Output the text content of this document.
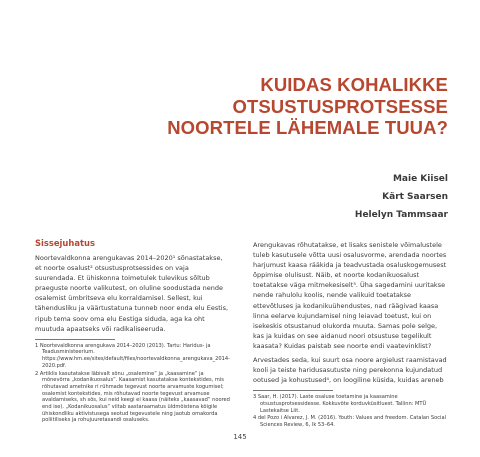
KUIDAS KOHALIKKE
OTSUSTUSPROTSESSE
NOORTELE LÄHEMALE TUUA?
Maie Kiisel
Kärt Saarsen
Helelyn Tammsaar
Sissejuhatus

Noortevaldkonna arengukavas 2014–2020¹ sõnastatakse, et noorte osalust² otsustusprotsessides on vaja suurendada. Et ühiskonna toimetulek tulevikus sõltub praeguste noorte valikutest, on oluline soodustada nende osalemist ümbritseva elu korraldamisel. Sellest, kui tähendusliku ja väärtustatuna tunneb noor enda elu Eestis, ripub tema soov oma elu Eestiga siduda, aga ka oht muutuda apaatseks või radikaliseeruda.

1 Noortevaldkonna arengukava 2014–2020 (2013). Tartu: Haridus- ja Teadusministeerium. https://www.hm.ee/sites/default/files/noortevaldkonna_arengukava_2014-2020.pdf.

2 Artiklis kasutatakse läbivalt sõnu „osalemine“ ja „kaasamine“ ja mõnevõrra „kodanikuosalus“. Kaasamist kasutatakse kontekstides, mis rõhutavad ametnike ri rühmade tegevust noorte arvamuste kogumisel; osalemist kontekstides, mis rõhutavad noorte tegevust arvamuse avaldamiseks, sh sõs, kui neid keegi ei kaasa (näiteks „kaasavad“ noored end ise). „Kodanikuosalus“ viitab aastaraamatus üldmõistena kõigile ühiskondliku aktivistusega seotud tegevustele ning jaotub omakorda poliitiliseks ja rohujuuretasandi osaluseks.

Arengukavas rõhutatakse, et lisaks senistele võimalustele tuleb kasutusele võtta uusi osalusvorme, arendada noortes harjumust kaasa rääkida ja teadvustada osaluskogemusest õppimise olulisust. Näib, et noorte kodanikuosalust toetatakse väga mitmekesiselt³. Üha sagedamini uuritakse nende rahulolu koolis, nende valikuid toetatakse ettevõtluses ja kodanikuühendustes, nad räägivad kaasa linna eelarve kujundamisel ning leiavad toetust, kui on isekeskis otsustanud olukorda muuta. Samas pole selge, kas ja kuidas on see aidanud noori otsustuse tegelikult kaasata? Kuidas paistab see noorte endi vaatevinklist?

Arvestades seda, kui suurt osa noore argielust raamistavad kooli ja teiste haridusasutuste ning perekonna kujundatud ootused ja kohustused⁴, on loogiline küsida, kuidas areneb

3 Saar, H. (2017). Laste osaluse toetamine ja kaasamine otsustusprotsessidesse. Kokkuvõte korduvküsitluest. Tallinn: MTÜ Lastekaitse Liit.

4 del Pozo i Alvarez, J. M. (2016). Youth: Values and freedom. Catalan Social Sciences Review, 6, lk 53–64.

145
